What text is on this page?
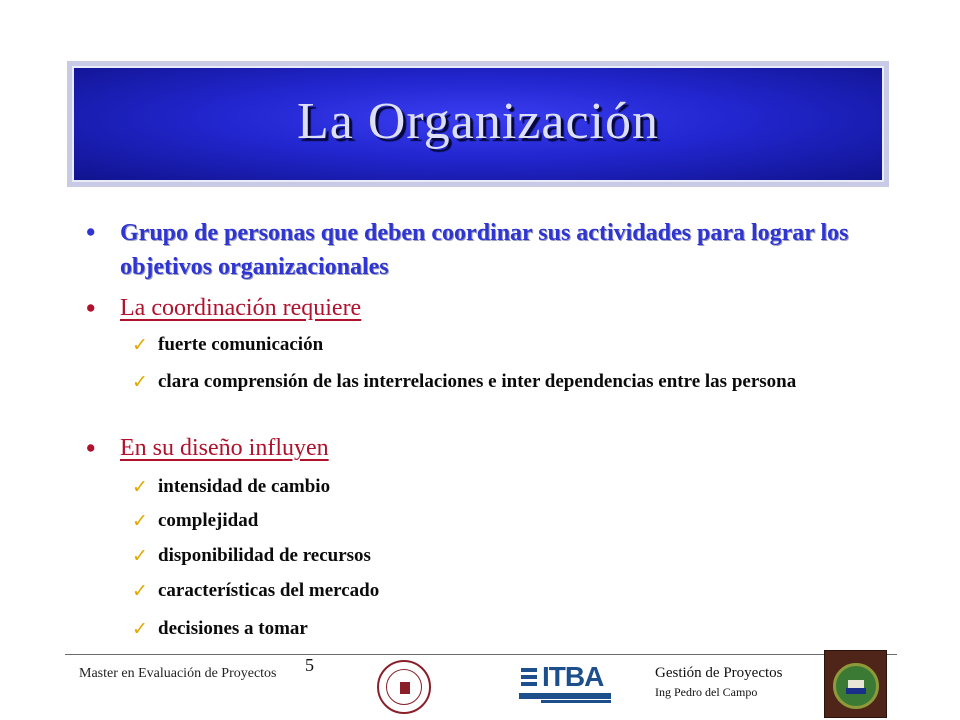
La Organización
•	Grupo de personas que deben coordinar sus actividades para lograr los objetivos organizacionales
•	La coordinación requiere
✓ fuerte comunicación
✓ clara comprensión de las interrelaciones e inter dependencias entre las persona
•	En su diseño influyen
✓ intensidad de cambio
✓ complejidad
✓ disponibilidad de recursos
✓ características del mercado
✓ decisiones a tomar
Master en Evaluación de Proyectos 5	ITBA	Gestión de Proyectos
Ing Pedro del Campo
